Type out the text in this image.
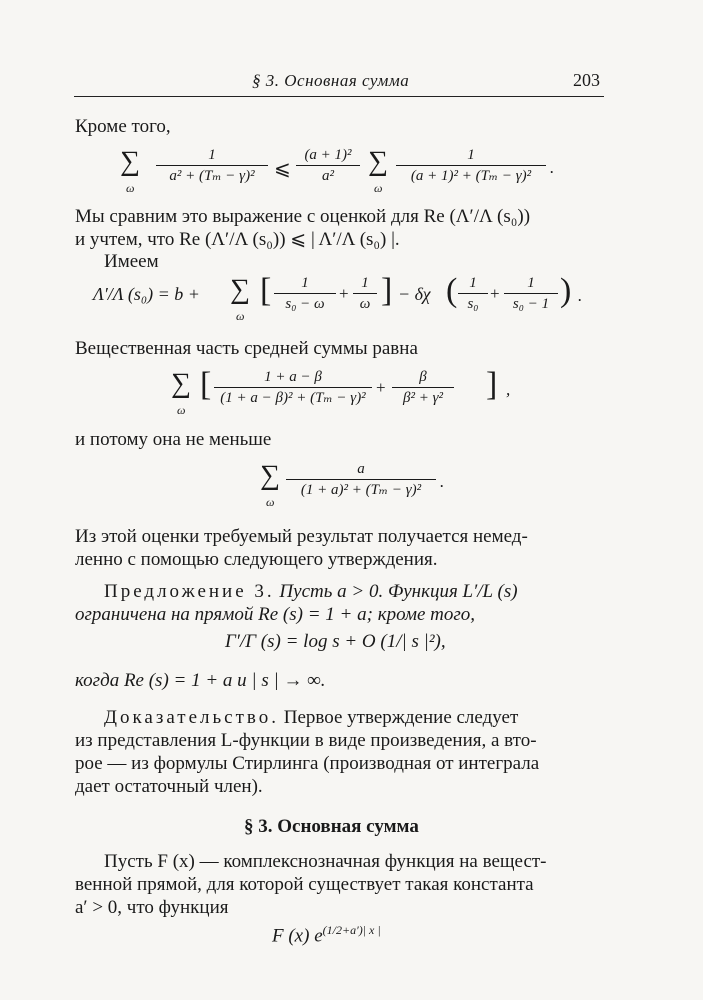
§ 3. Основная сумма	203
Кроме того,
∑
ω
$\frac{1}{\text{a² + (Tₘ − γ)²}}$ ⩽ $\frac{\text{(a + 1)²}}{\text{a²}}$ ∑
ω
$\frac{1}{\text{(a + 1)² + (Tₘ − γ)²}}$ .
Мы сравним это выражение с оценкой для Re (Λ′/Λ (s₀))
и учтем, что Re (Λ′/Λ (s₀)) ⩽ | Λ′/Λ (s₀) |.
Имеем
Λ′/Λ (s₀) = b + ∑
ω
[ $\frac{1}{\text{s₀ − ω}} + \frac{1}{\omega}$ ] − δχ ( $\frac{1}{\text{s₀}} + \frac{1}{\text{s₀ − 1}}$ ) .
Вещественная часть средней суммы равна
∑
ω
[ $\frac{1 + a - \beta}{\text{(1 + a − β)² + (Tₘ − γ)²}} + \frac{\beta}{\text{β² + γ²}}$ ] ,
и потому она не меньше
∑
ω
$\frac{a}{\text{(1 + a)² + (Tₘ − γ)²}}$ .
Из этой оценки требуемый результат получается немед-
ленно с помощью следующего утверждения.
Предложение 3. Пусть a > 0. Функция L′/L (s)
ограничена на прямой Re (s) = 1 + a; кроме того,
Γ′/Γ (s) = log s + O (1/| s |²),
когда Re (s) = 1 + a и | s | → ∞.
Доказательство. Первое утверждение следует
из представления L-функции в виде произведения, а вто-
рое — из формулы Стирлинга (производная от интеграла
дает остаточный член).
§ 3. Основная сумма
Пусть F (x) — комплекснозначная функция на вещест-
венной прямой, для которой существует такая константа
a′ > 0, что функция
F (x) $e^{(1/2+a')| x |}$
